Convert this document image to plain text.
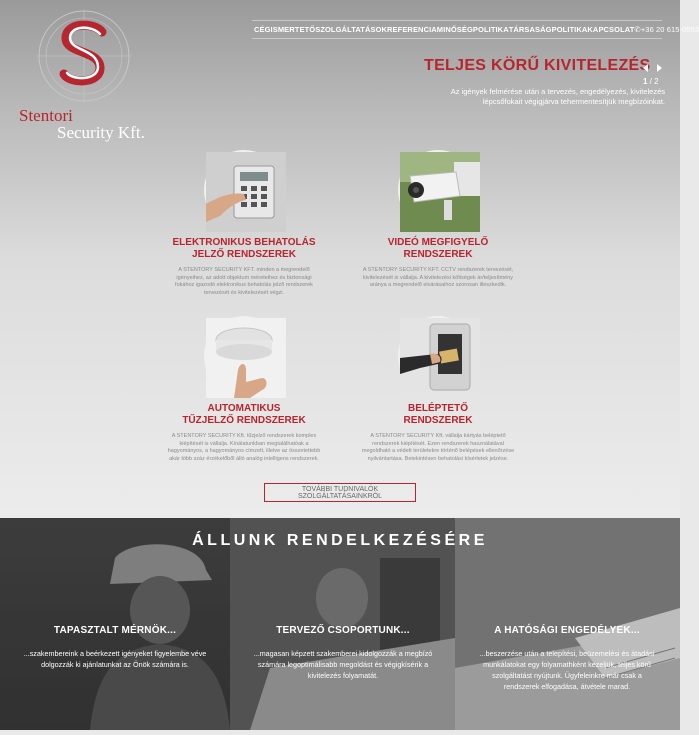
Stentori
Security Kft.
CÉGISMERTETŐ SZOLGÁLTATÁSOK REFERENCIA MINŐSÉGPOLITIKA TÁRSASÁGPOLITIKA KAPCSOLAT ✆+36 20 615-0553
TELJES KÖRŰ KIVITELEZÉS
1 / 2
Az igények felmérése után a tervezés, engedélyezés, kivitelezés lépcsőfokait végigjárva tehermentesítjük megbízóinkat.
ELEKTRONIKUS BEHATOLÁS
JELZŐ RENDSZEREK

A STENTORY SECURITY KFT. minden a megrendelő igényeihez, az adott objektum méreteihez és biztonsági fokához igazodó elektronikus behatolás jelző rendszerek tervezését és kivitelezését végzi.

VIDEÓ MEGFIGYELŐ
RENDSZEREK

A STENTORY SECURITY KFT. CCTV rendszerek tervezését, kivitelezését is vállalja. A kivitelezési költségek ár/teljesítmény aránya a megrendelő elvárásaihoz szorosan illeszkedik.

AUTOMATIKUS
TŰZJELZŐ RENDSZEREK

A STENTORY SECURITY Kft. tűzjelző rendszerek komplex kiépítését is vállalja. Kínálatunkban megtalálhatóak a hagyományos, a hagyományos címzett, illetve az összetettebb akár több száz érzékelőből álló analóg intelligens rendszerek.

BELÉPTETŐ
RENDSZEREK

A STENTORY SECURITY Kft. vállalja kártyás beléptető rendszerek kiépítését. Ezen rendszerek használatával megoldható a védett területekre történő belépések ellenőrzése nyilvántartása. Betekintésen behatolási kísérletek jelzése.

TOVÁBBI TUDNIVALÓK SZOLGÁLTATÁSAINKRÓL
ÁLLUNK RENDELKEZÉSÉRE
TAPASZTALT MÉRNÖK...

...szakembereink a beérkezett igényeket figyelembe véve
dolgozzák ki ajánlatunkat az Önök számára is.

TERVEZŐ CSOPORTUNK...

...magasan képzett szakemberei kidolgozzák a megbízó
számára legoptimálisabb megoldást és végigkísérik a
kivitelezés folyamatát.

A HATÓSÁGI ENGEDÉLYEK...

...beszerzése után a telepítési, beüzemelési és átadási
munkálatokat egy folyamathként kezeljük, teljes körű
szolgáltatást nyújtunk. Ügyfeleinkre már csak a
rendszerek elfogadása, átvétele marad.
